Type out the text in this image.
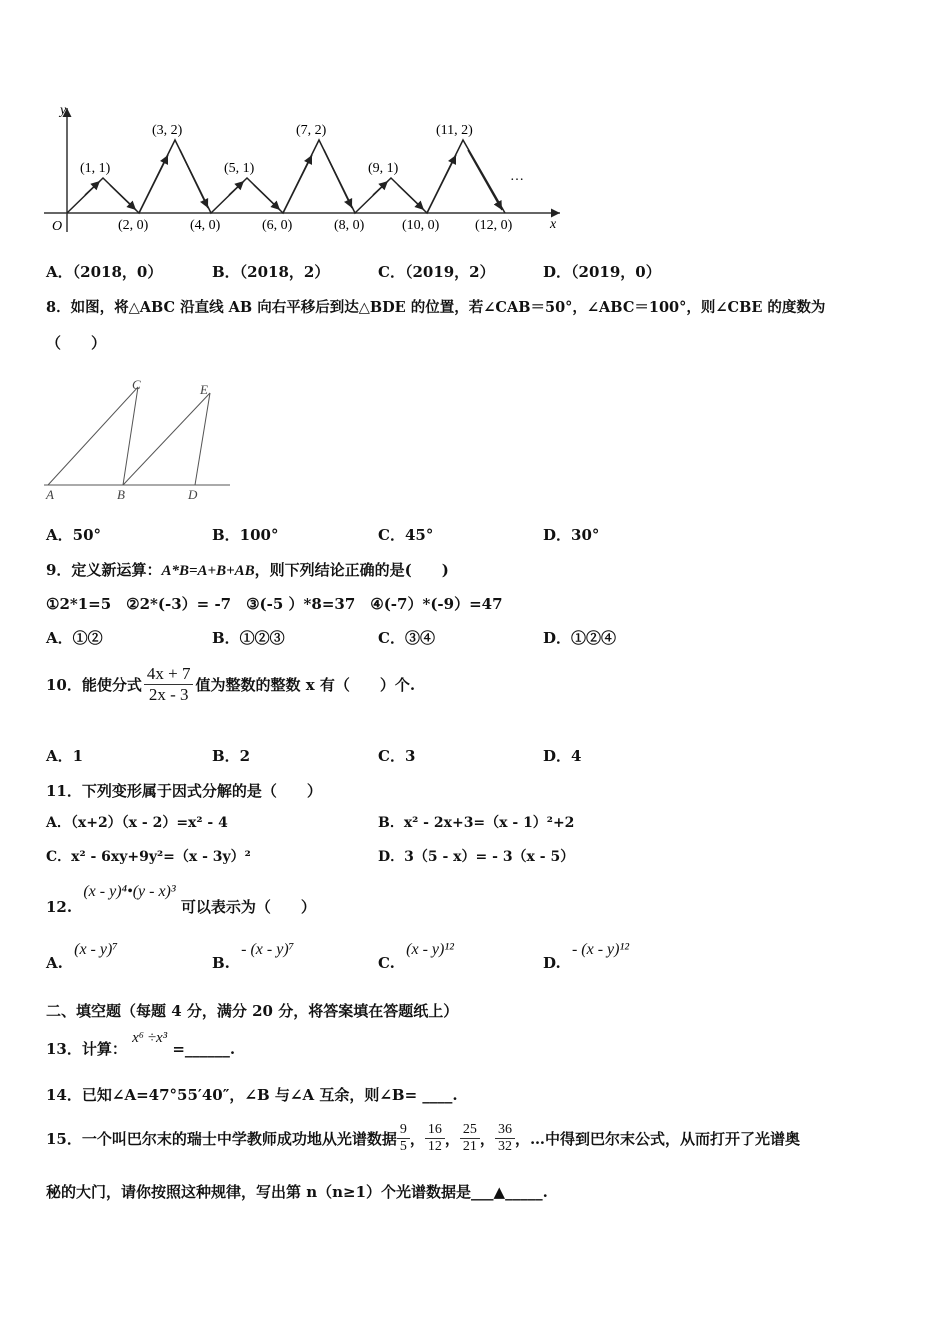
y
x
O
(1, 1)
(3, 2)
(5, 1)
(7, 2)
(9, 1)
(11, 2)
…
(2, 0)	(4, 0)	(6, 0)	(8, 0)	(10, 0)	(12, 0)
A．（2018，0）	B．（2018，2）	C．（2019，2）	D．（2019，0）
8．如图，将△ABC 沿直线 AB 向右平移后到达△BDE 的位置，若∠CAB＝50°，∠ABC＝100°，则∠CBE 的度数为
（　　）
A	B
C
D
E
A．50°	B．100°	C．45°	D．30°
9．定义新运算：A*B=A+B+AB，则下列结论正确的是(　　)
①2*1=5　②2*(-3）= -7　③(-5 ）*8=37　④(-7）*(-9）=47
A．①②	B．①②③	C．③④	D．①②④
10．能使分式 $\frac{4x + 7}{2x - 3}$ 值为整数的整数 x 有（　　）个.
A．1	B．2	C．3	D．4
11．下列变形属于因式分解的是（　　）
A．（x+2）（x - 2）=x² - 4	B．x² - 2x+3=（x - 1）²+2
C．x² - 6xy+9y²=（x - 3y）²	D．3（5 - x）= - 3（x - 5）
12. (x - y)⁴•(y - x)³ 可以表示为（　　）
A. (x - y)⁷
B. - (x - y)⁷
C. (x - y)¹²
D. - (x - y)¹²
二、填空题（每题 4 分，满分 20 分，将答案填在答题纸上）
13．计算： x⁶ ÷x³ =______.
14．已知∠A=47°55′40″，∠B 与∠A 互余，则∠B= ____.
15．一个叫巴尔末的瑞士中学教师成功地从光谱数据 $\frac{9}{5}$ ， $\frac{16}{12}$ ， $\frac{25}{21}$ ， $\frac{36}{32}$ ，…中得到巴尔末公式，从而打开了光谱奥
秘的大门，请你按照这种规律，写出第 n（n≥1）个光谱数据是___▲_____.
